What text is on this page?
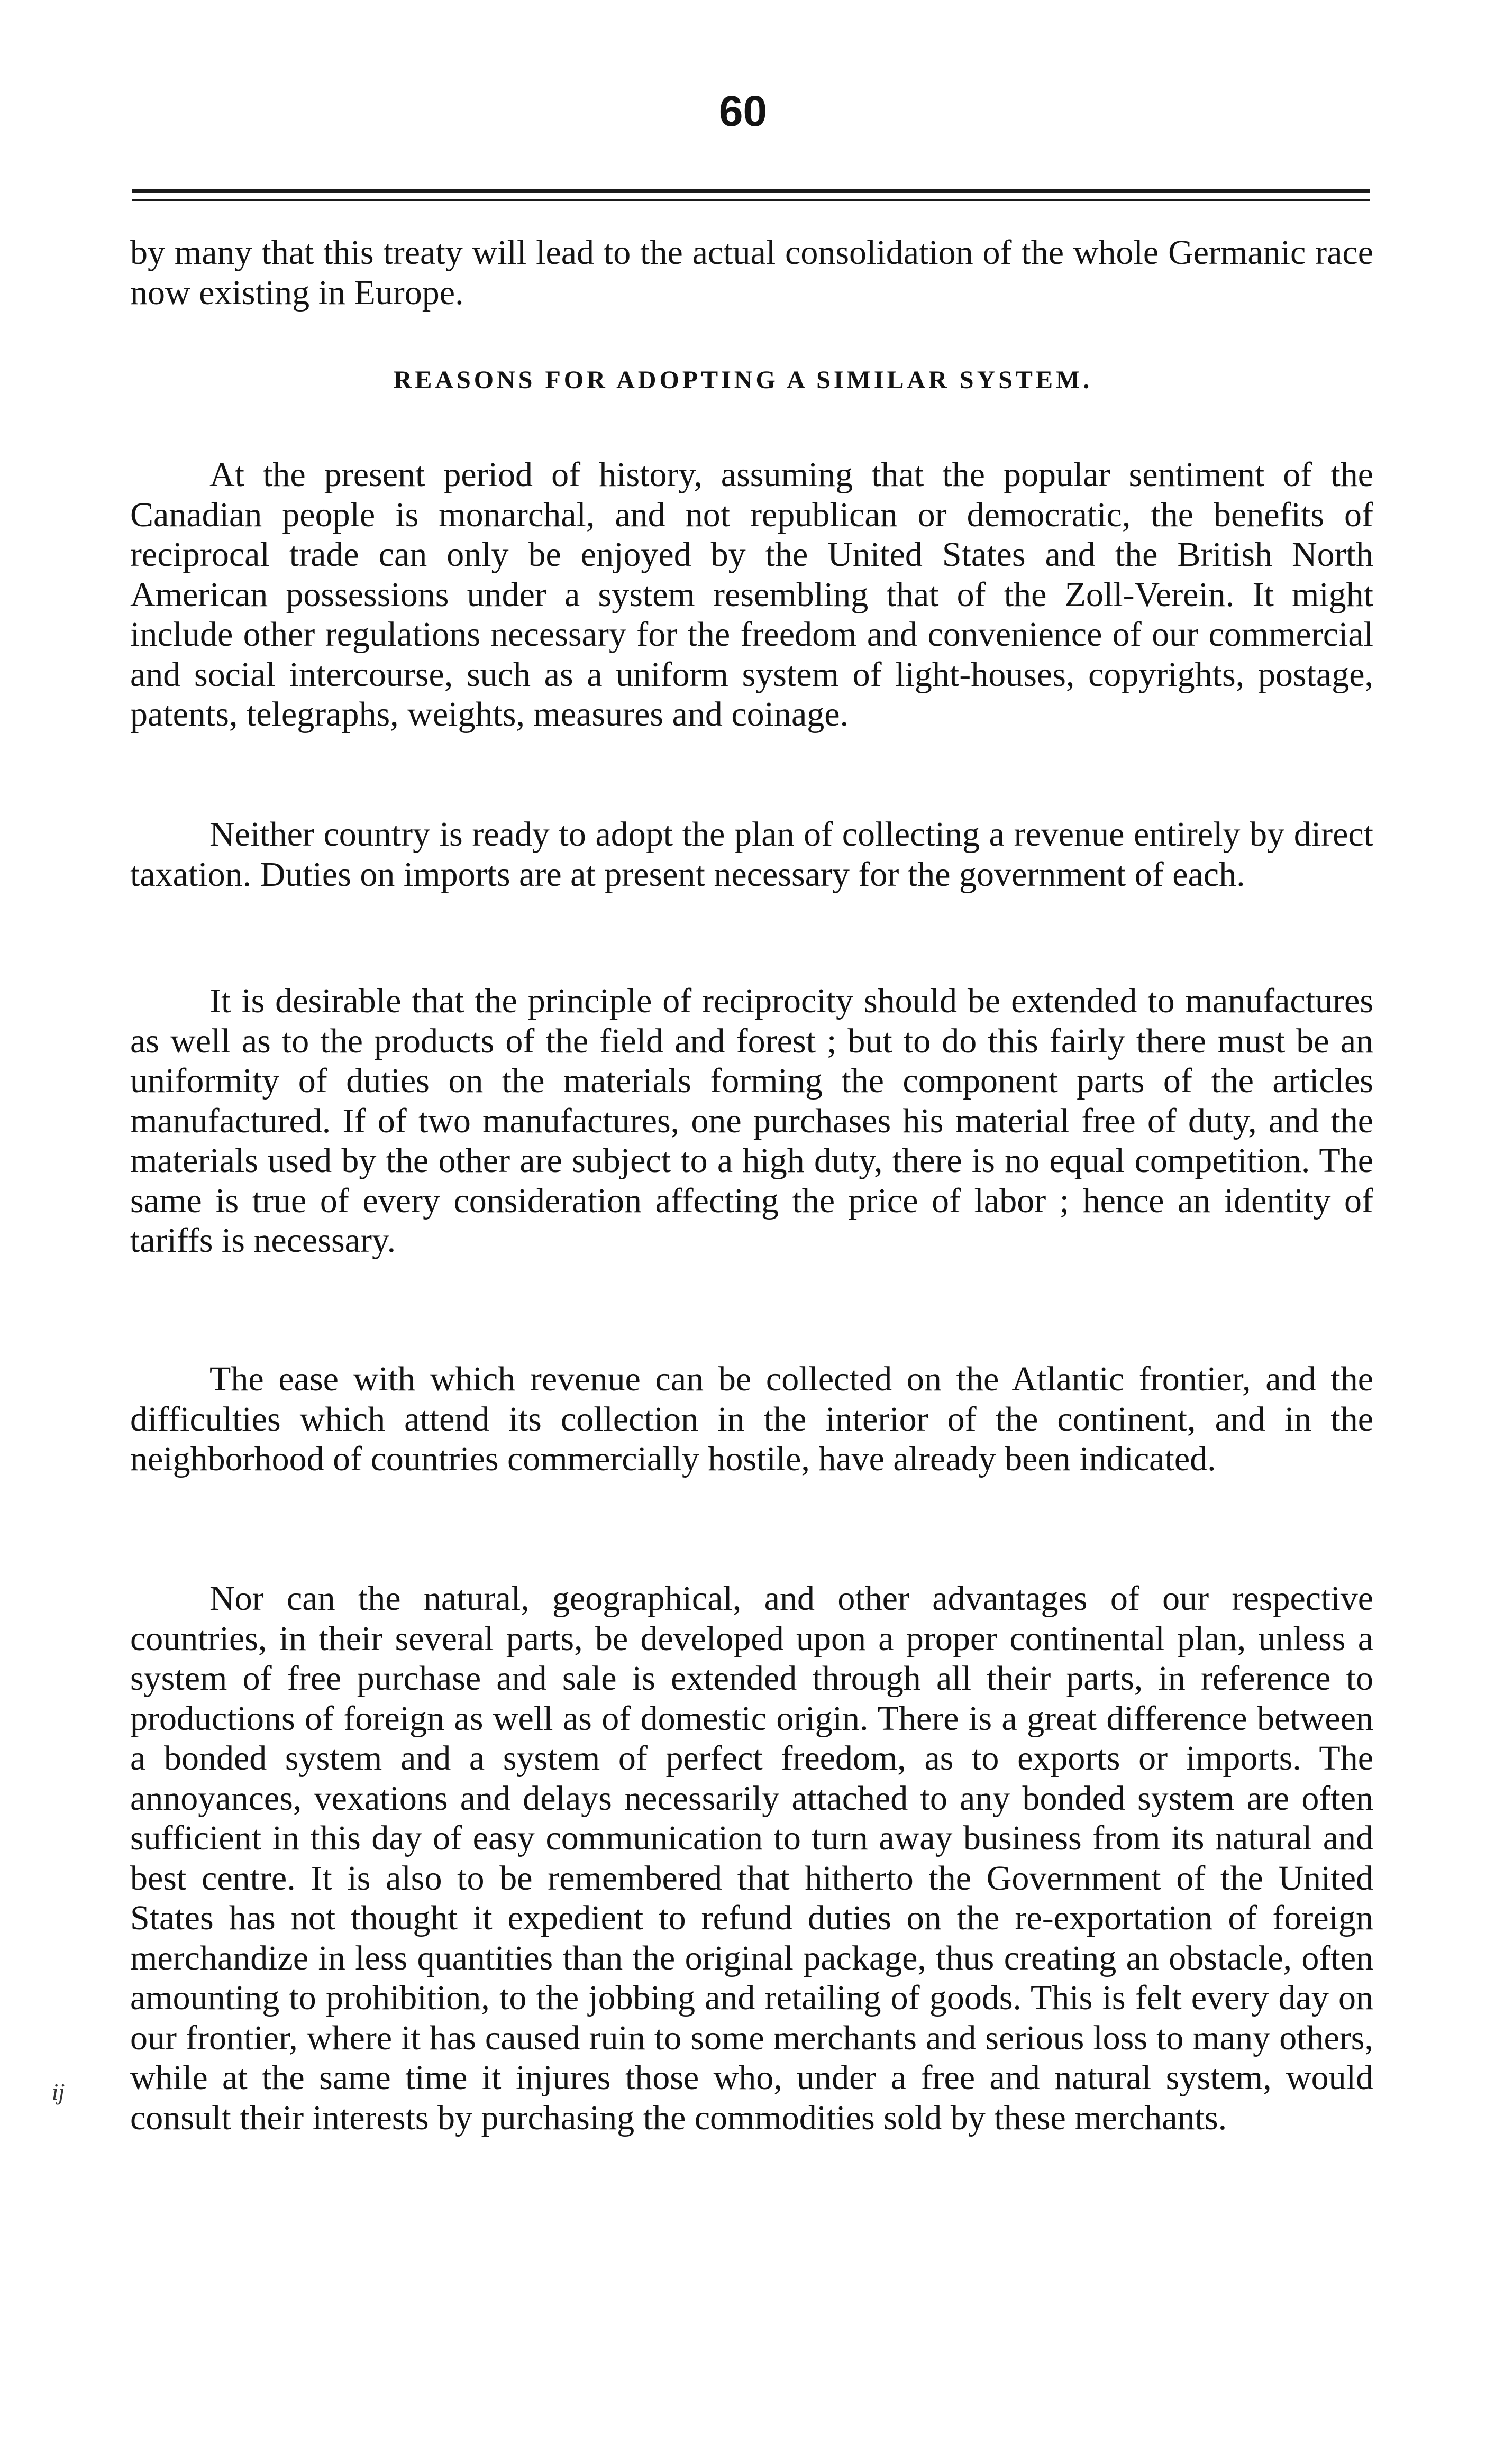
60

by many that this treaty will lead to the actual consolidation of the whole Germanic race now existing in Europe.

REASONS FOR ADOPTING A SIMILAR SYSTEM.

At the present period of history, assuming that the popular sentiment of the Canadian people is monarchal, and not republican or democratic, the benefits of reciprocal trade can only be enjoyed by the United States and the British North American possessions under a system resembling that of the Zoll-Verein. It might include other regulations necessary for the freedom and convenience of our commercial and social intercourse, such as a uniform system of light-houses, copyrights, postage, patents, telegraphs, weights, measures and coinage.

Neither country is ready to adopt the plan of collecting a revenue entirely by direct taxation. Duties on imports are at present necessary for the government of each.

It is desirable that the principle of reciprocity should be extended to manufactures as well as to the products of the field and forest ; but to do this fairly there must be an uniformity of duties on the materials forming the component parts of the articles manufactured. If of two manufactures, one purchases his material free of duty, and the materials used by the other are subject to a high duty, there is no equal competition. The same is true of every consideration affecting the price of labor ; hence an identity of tariffs is necessary.

The ease with which revenue can be collected on the Atlantic frontier, and the difficulties which attend its collection in the interior of the continent, and in the neighborhood of countries commercially hostile, have already been indicated.

Nor can the natural, geographical, and other advantages of our respective countries, in their several parts, be developed upon a proper continental plan, unless a system of free purchase and sale is extended through all their parts, in reference to productions of foreign as well as of domestic origin. There is a great difference between a bonded system and a system of perfect freedom, as to exports or imports. The annoyances, vexations and delays necessarily attached to any bonded system are often sufficient in this day of easy communication to turn away business from its natural and best centre. It is also to be remembered that hitherto the Government of the United States has not thought it expedient to refund duties on the re-exportation of foreign merchandize in less quantities than the original package, thus creating an obstacle, often amounting to prohibition, to the jobbing and retailing of goods. This is felt every day on our frontier, where it has caused ruin to some merchants and serious loss to many others, while at the same time it injures those who, under a free and natural system, would consult their interests by purchasing the commodities sold by these merchants.

ij
